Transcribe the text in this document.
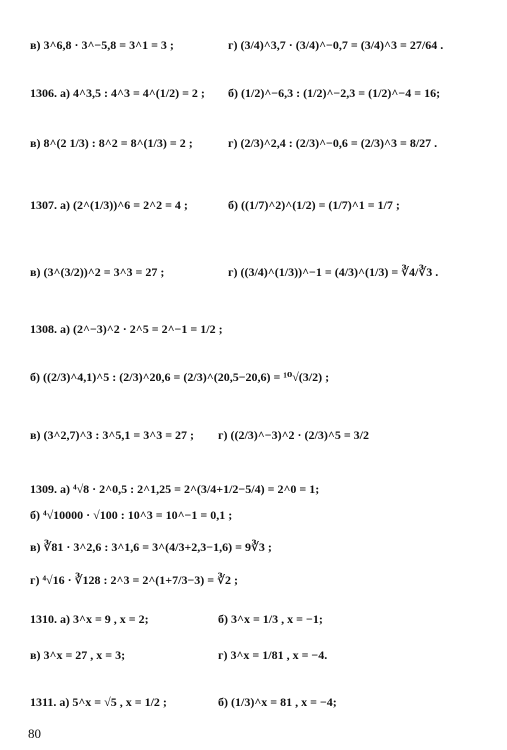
в) 3^6,8 · 3^−5,8 = 3^1 = 3 ;	г) (3/4)^3,7 · (3/4)^−0,7 = (3/4)^3 = 27/64 .
1306. а) 4^3,5 : 4^3 = 4^(1/2) = 2 ; б) (1/2)^−6,3 : (1/2)^−2,3 = (1/2)^−4 = 16;
в) 8^(2 1/3) : 8^2 = 8^(1/3) = 2 ;	г) (2/3)^2,4 : (2/3)^−0,6 = (2/3)^3 = 8/27 .
1307. а) (2^(1/3))^6 = 2^2 = 4 ;	б) ((1/7)^2)^(1/2) = (1/7)^1 = 1/7 ;
в) (3^(3/2))^2 = 3^3 = 27 ;	г) ((3/4)^(1/3))^−1 = (4/3)^(1/3) = ∛4/∛3 .
1308. а) (2^−3)^2 · 2^5 = 2^−1 = 1/2 ;
б) ((2/3)^4,1)^5 : (2/3)^20,6 = (2/3)^(20,5−20,6) = ¹⁰√(3/2) ;
в) (3^2,7)^3 : 3^5,1 = 3^3 = 27 ; г) ((2/3)^−3)^2 · (2/3)^5 = 3/2
1309. а) ⁴√8 · 2^0,5 : 2^1,25 = 2^(3/4+1/2−5/4) = 2^0 = 1;
б) ⁴√10000 · √100 : 10^3 = 10^−1 = 0,1 ;
в) ∛81 · 3^2,6 : 3^1,6 = 3^(4/3+2,3−1,6) = 9∛3 ;
г) ⁴√16 · ∛128 : 2^3 = 2^(1+7/3−3) = ∛2 ;
1310. а) 3^x = 9 , x = 2;	б) 3^x = 1/3 , x = −1;
в) 3^x = 27 , x = 3;	г) 3^x = 1/81 , x = −4.
1311. а) 5^x = √5 , x = 1/2 ;	б) (1/3)^x = 81 , x = −4;
80
